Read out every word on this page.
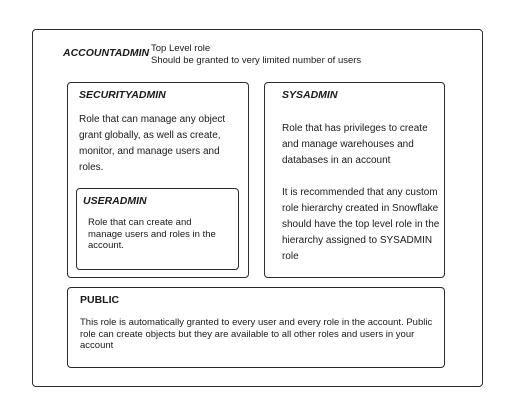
ACCOUNTADMIN Top Level role
Should be granted to very limited number of users

SECURITYADMIN

Role that can manage any object grant globally, as well as create, monitor, and manage users and roles.

USERADMIN

Role that can create and manage users and roles in the account.

SYSADMIN

Role that has privileges to create and manage warehouses and databases in an account

It is recommended that any custom role hierarchy created in Snowflake should have the top level role in the hierarchy assigned to SYSADMIN role

PUBLIC

This role is automatically granted to every user and every role in the account. Public role can create objects but they are available to all other roles and users in your account
